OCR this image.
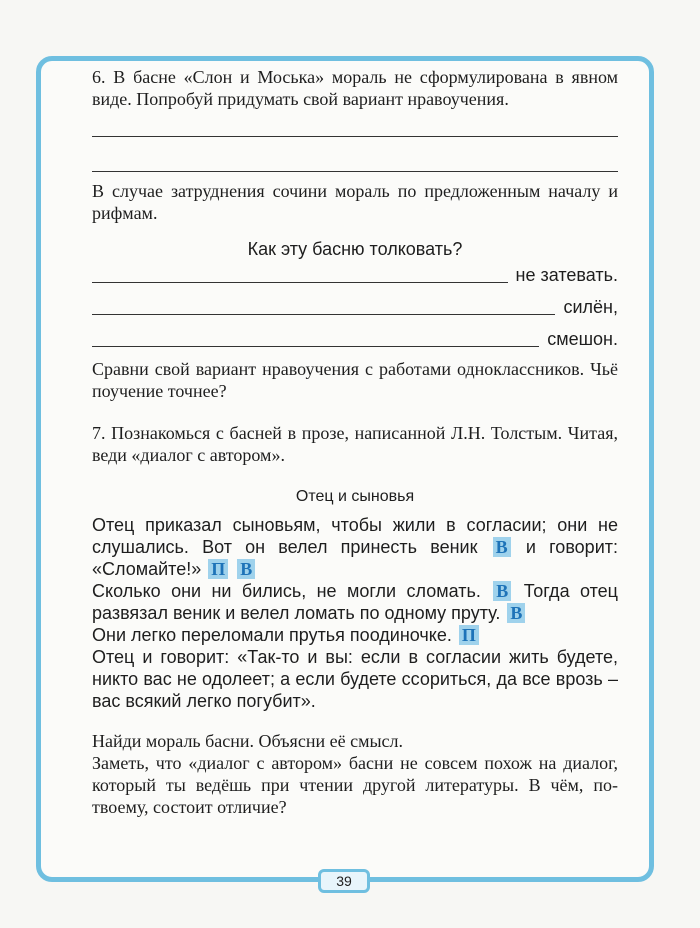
6. В басне «Слон и Моська» мораль не сформулирована в явном виде. Попробуй придумать свой вариант нравоучения.

В случае затруднения сочини мораль по предложенным началу и рифмам.

Как эту басню толковать?

не затевать.
силён,
смешон.

Сравни свой вариант нравоучения с работами одноклассников. Чьё поучение точнее?

7. Познакомься с басней в прозе, написанной Л.Н. Толстым. Читая, веди «диалог с автором».

Отец и сыновья

Отец приказал сыновьям, чтобы жили в согласии; они не слушались. Вот он велел принесть веник В и говорит: «Сломайте!» П В

Сколько они ни бились, не могли сломать. В Тогда отец развязал веник и велел ломать по одному пруту. В

Они легко переломали прутья поодиночке. П

Отец и говорит: «Так-то и вы: если в согласии жить будете, никто вас не одолеет; а если будете ссориться, да все врозь – вас всякий легко погубит».

Найди мораль басни. Объясни её смысл.

Заметь, что «диалог с автором» басни не совсем похож на диалог, который ты ведёшь при чтении другой литературы. В чём, по-твоему, состоит отличие?

39
